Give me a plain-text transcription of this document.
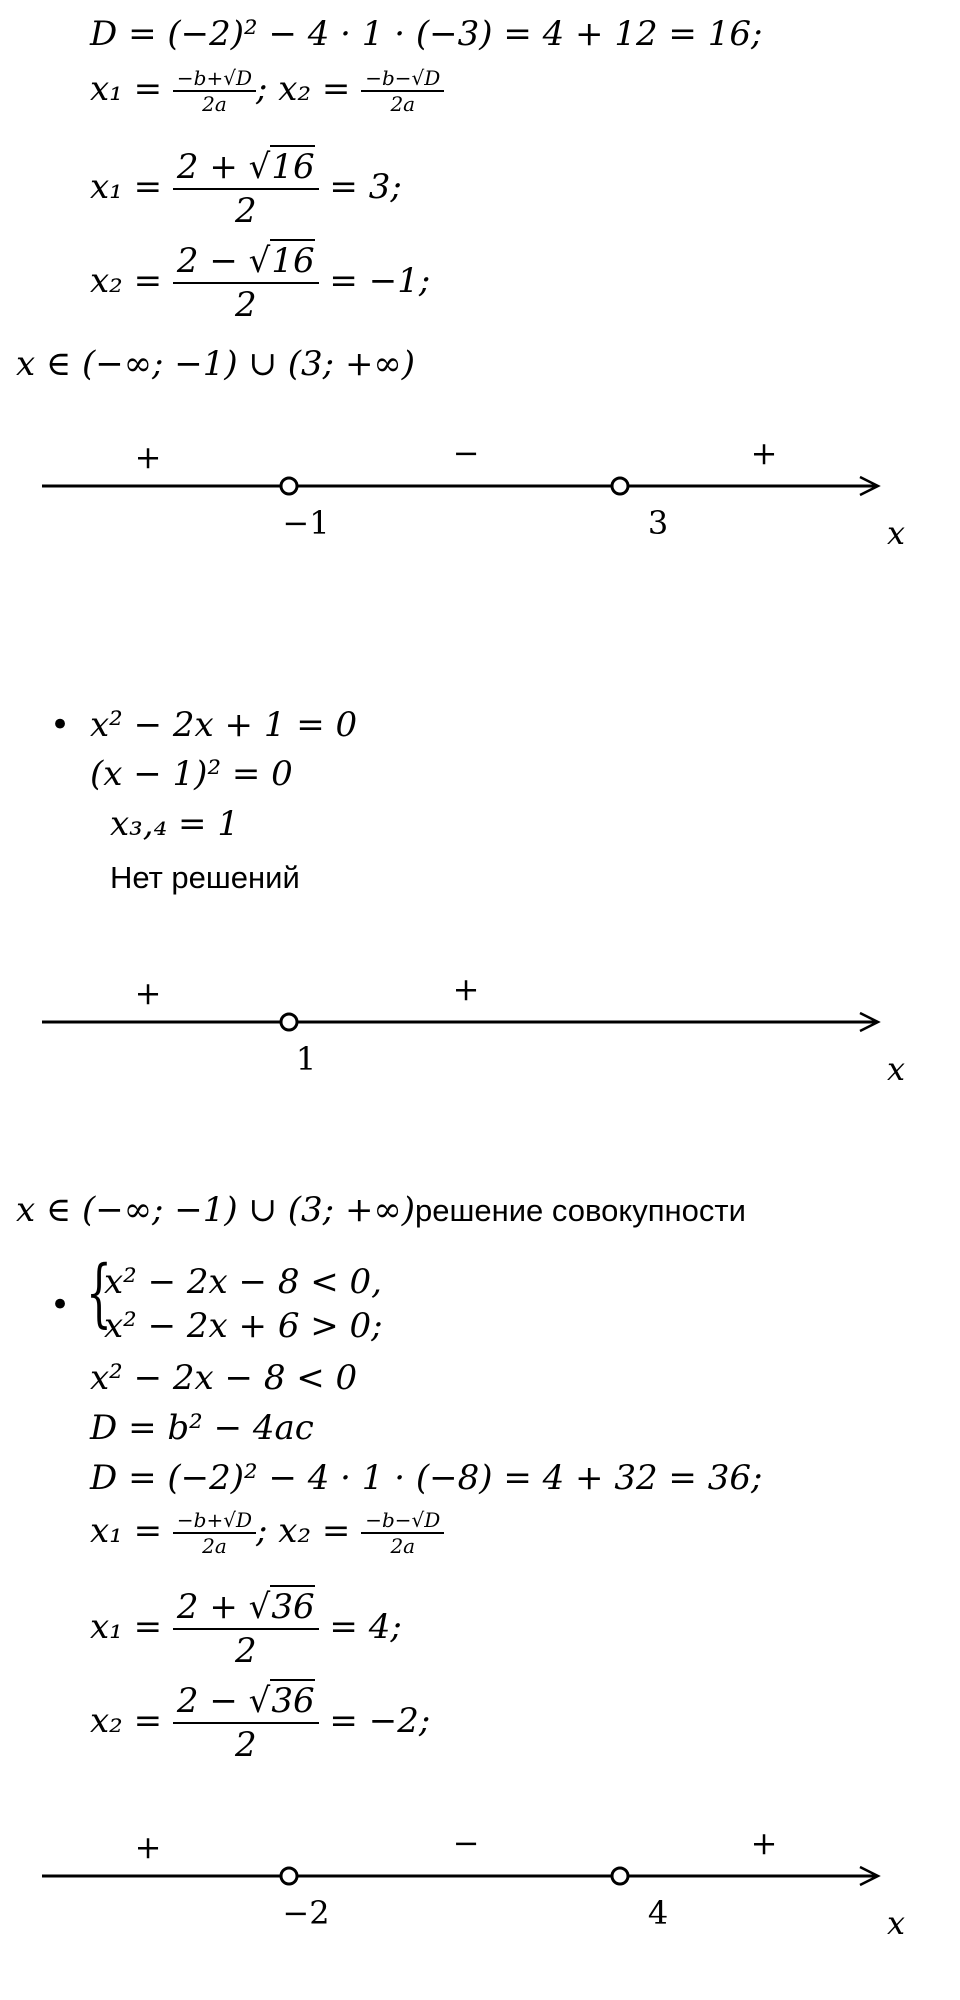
D = (−2)² − 4 · 1 · (−3) = 4 + 12 = 16;
$x_1 = \frac{-b+√D}{2a}$ ; $x_2 = \frac{-b-√D}{2a}$
$x_1 = \frac{2 + √16}{2} = 3$;
$x_2 = \frac{2 - √16}{2} = -1$;
x ∈ (−∞; −1) ∪ (3; +∞)
+	−	+
−1	3	x
• x² − 2x + 1 = 0
(x − 1)² = 0
x₃,₄ = 1
Нет решений
+	+
1	x
x ∈ (−∞; −1) ∪ (3; +∞)решение совокупности
• {
x² − 2x − 8 < 0,
x² − 2x + 6 > 0;
x² − 2x − 8 < 0
D = b² − 4ac
D = (−2)² − 4 · 1 · (−8) = 4 + 32 = 36;
$x_1 = \frac{-b+√D}{2a}$ ; $x_2 = \frac{-b-√D}{2a}$
$x_1 = \frac{2 + √36}{2} = 4$;
$x_2 = \frac{2 - √36}{2} = -2$;
+	−	+
−2	4	x
